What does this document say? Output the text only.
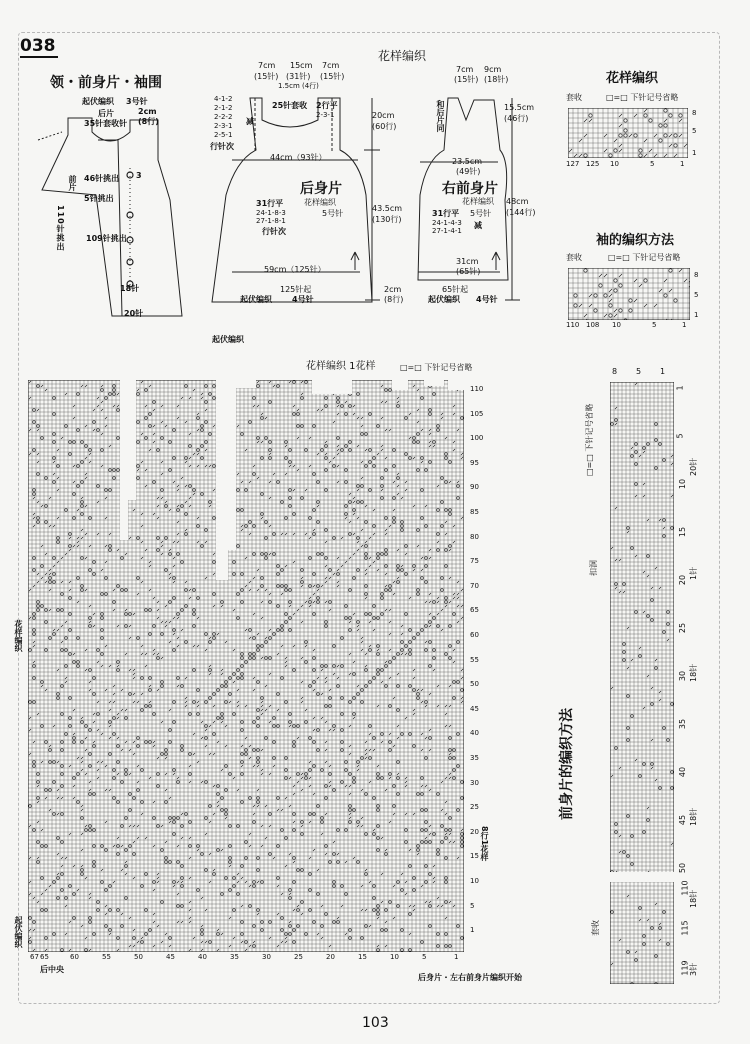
038
领・前身片・袖围
起伏编织 3号针
后片	2cm
35针套收针 (8行)
前片
110针挑出
46针挑出
5针挑出
109针挑出
3
18针
20针
花样编织
7cm 15cm 7cm
(15针) (31针) (15针)
1.5cm (4行)
25针套收 2行平
2-3-1
4-1-2
2-1-2
2-2-2
2-3-1
2-5-1
减
行针次
44cm（93针）
20cm
(60行)
后身片
花样编织
5号针
43.5cm
(130行)
31行平
24-1-8-3
27-1-8-1
行针次
59cm（125针）
125针起
起伏编织	4号针
2cm
(8行)
7cm 9cm
(15针) (18针)
和后片同	15.5cm
(46行)
23.5cm
(49针)
右前身片
花样编织
5号针
48cm
(144行)
31行平
24-1-4-3
27-1-4-1
减
31cm
(65针)
65针起
起伏编织 4号针
花样编织
□=□ 下针记号省略
套收
127 125 10	5	1
8
5
1
袖的编织方法
□=□ 下针记号省略
套收
110 108 10	5	1
8
5
1
起伏编织
花样编织 1花样	□=□ 下针记号省略
花样编织
起伏编织
67 65	60
后中央
55	50	45	40	35	30	25	20	15	10	5	1
110
105
100
95
90
85
80
75
70
65
60
55
50
45
40
35
30
25
20
15
10
5
1
8行1花样
后身片・左右前身片编织开始
前身片的编织方法
□=□ 下针记号省略
扣洞
套收
1
5
10
15
20
25
30
35
40
45
50
110
115
119
20针
1针
18针
18针
18针
3针
8 5 1
103
